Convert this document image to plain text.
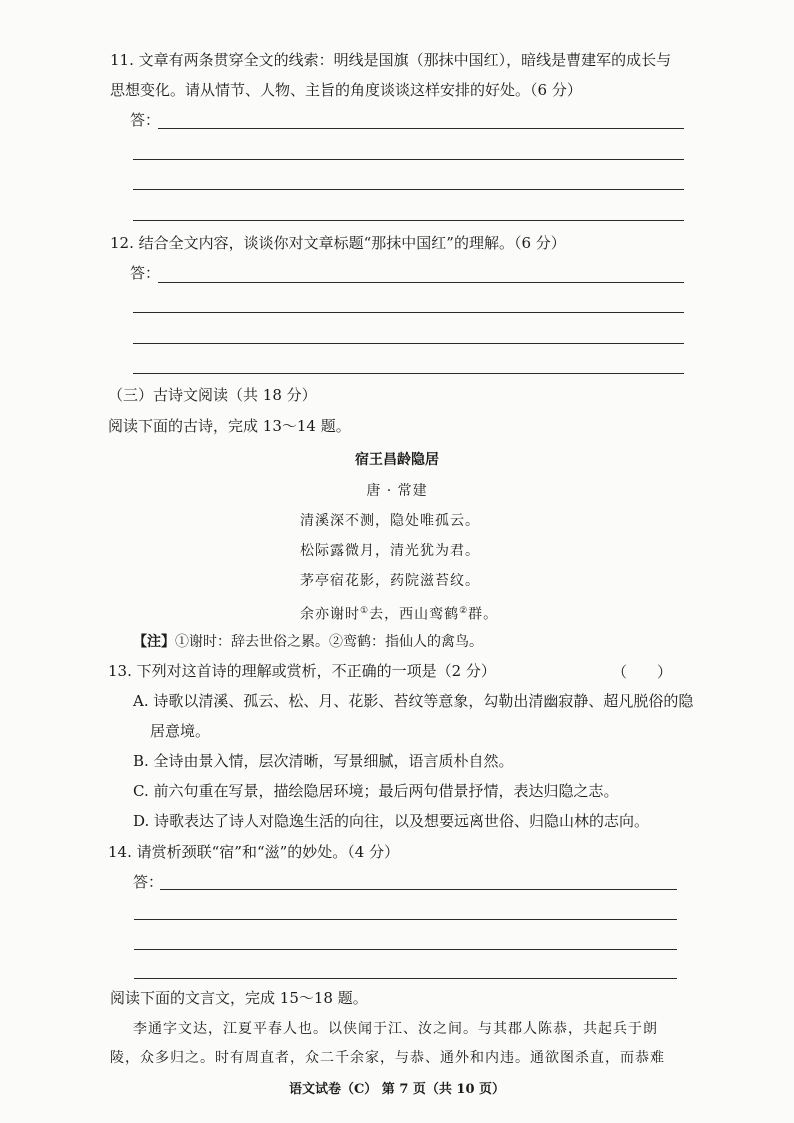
11. 文章有两条贯穿全文的线索：明线是国旗（那抹中国红），暗线是曹建军的成长与
思想变化。请从情节、人物、主旨的角度谈谈这样安排的好处。（6 分）
答：
12. 结合全文内容，谈谈你对文章标题“那抹中国红”的理解。（6 分）
答：
（三）古诗文阅读（共 18 分）
阅读下面的古诗，完成 13～14 题。
宿王昌龄隐居
唐 · 常建
清溪深不测，隐处唯孤云。
松际露微月，清光犹为君。
茅亭宿花影，药院滋苔纹。
余亦谢时①去，西山鸾鹤②群。
【注】①谢时：辞去世俗之累。②鸾鹤：指仙人的禽鸟。
13. 下列对这首诗的理解或赏析，不正确的一项是（2 分）	（　　）
A. 诗歌以清溪、孤云、松、月、花影、苔纹等意象，勾勒出清幽寂静、超凡脱俗的隐
居意境。
B. 全诗由景入情，层次清晰，写景细腻，语言质朴自然。
C. 前六句重在写景，描绘隐居环境；最后两句借景抒情，表达归隐之志。
D. 诗歌表达了诗人对隐逸生活的向往，以及想要远离世俗、归隐山林的志向。
14. 请赏析颈联“宿”和“滋”的妙处。（4 分）
答：
阅读下面的文言文，完成 15～18 题。
李通字文达，江夏平春人也。以侠闻于江、汝之间。与其郡人陈恭，共起兵于朗
陵，众多归之。时有周直者，众二千余家，与恭、通外和内违。通欲图杀直，而恭难
语文试卷（C） 第 7 页（共 10 页）
